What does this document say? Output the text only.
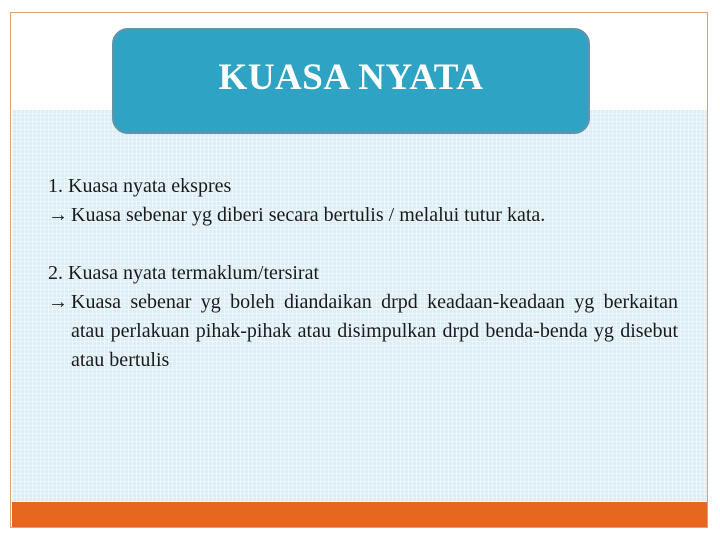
KUASA NYATA
1. Kuasa nyata ekspres
→ Kuasa sebenar yg diberi secara bertulis / melalui tutur kata.
2. Kuasa nyata termaklum/tersirat
→ Kuasa sebenar yg boleh diandaikan drpd keadaan-keadaan yg berkaitan atau perlakuan pihak-pihak atau disimpulkan drpd benda-benda yg disebut atau bertulis
